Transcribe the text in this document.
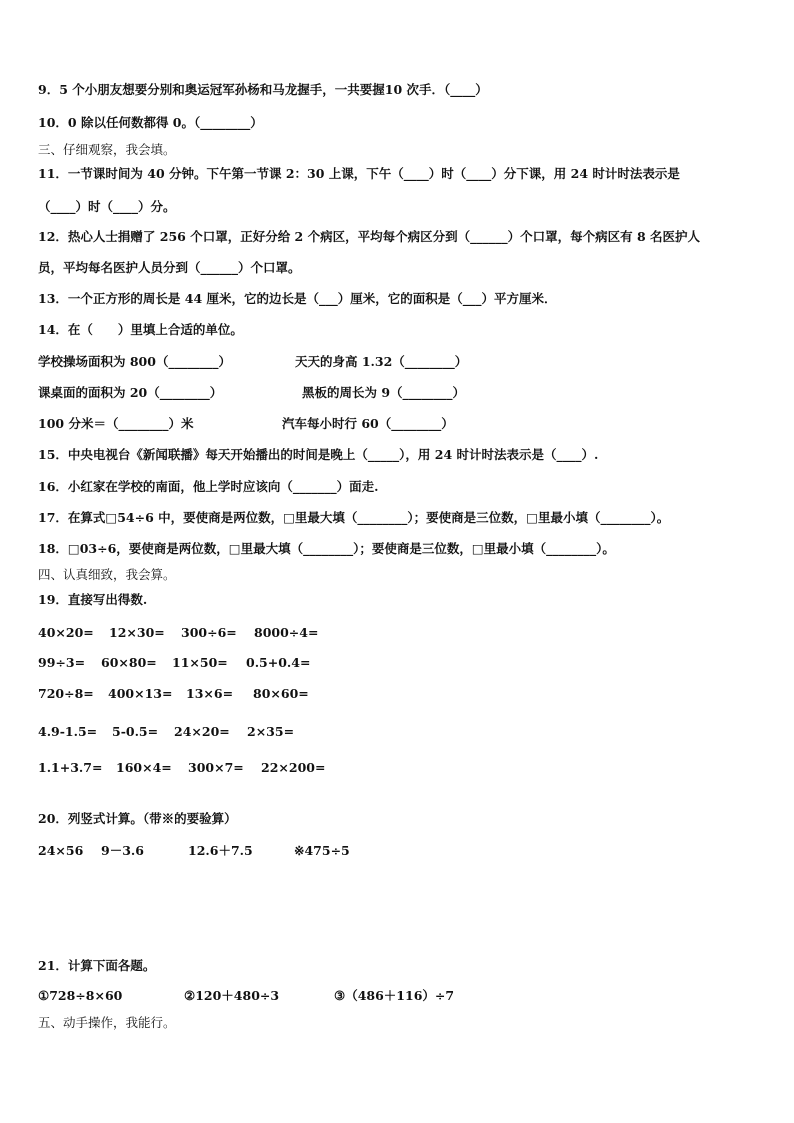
9．5 个小朋友想要分别和奥运冠军孙杨和马龙握手，一共要握10 次手．（____）
10．0 除以任何数都得 0。（________）
三、仔细观察，我会填。
11．一节课时间为 40 分钟。下午第一节课 2：30 上课，下午（____）时（____）分下课，用 24 时计时法表示是
（____）时（____）分。
12．热心人士捐赠了 256 个口罩，正好分给 2 个病区，平均每个病区分到（______）个口罩，每个病区有 8 名医护人
员，平均每名医护人员分到（______）个口罩。
13．一个正方形的周长是 44 厘米，它的边长是（___）厘米，它的面积是（___）平方厘米．
14．在（　　）里填上合适的单位。
学校操场面积为 800（________）	天天的身高 1.32（________）
课桌面的面积为 20（________）	黑板的周长为 9（________）
100 分米＝（________）米	汽车每小时行 60（________）
15．中央电视台《新闻联播》每天开始播出的时间是晚上（_____），用 24 时计时法表示是（____）.
16．小红家在学校的南面，他上学时应该向（_______）面走.
17．在算式□54÷6 中，要使商是两位数，□里最大填（________）；要使商是三位数，□里最小填（________）。
18．□03÷6，要使商是两位数，□里最大填（________）；要使商是三位数，□里最小填（________）。
四、认真细致，我会算。
19．直接写出得数.
40×20= 12×30= 300÷6= 8000÷4=
99÷3= 60×80= 11×50= 0.5+0.4=
720÷8= 400×13= 13×6= 80×60=
4.9-1.5= 5-0.5= 24×20= 2×35=
1.1+3.7= 160×4= 300×7= 22×200=
20．列竖式计算。（带※的要验算）
24×56 9－3.6	12.6＋7.5	※475÷5
21．计算下面各题。
①728÷8×60	②120＋480÷3	③（486＋116）÷7
五、动手操作，我能行。
